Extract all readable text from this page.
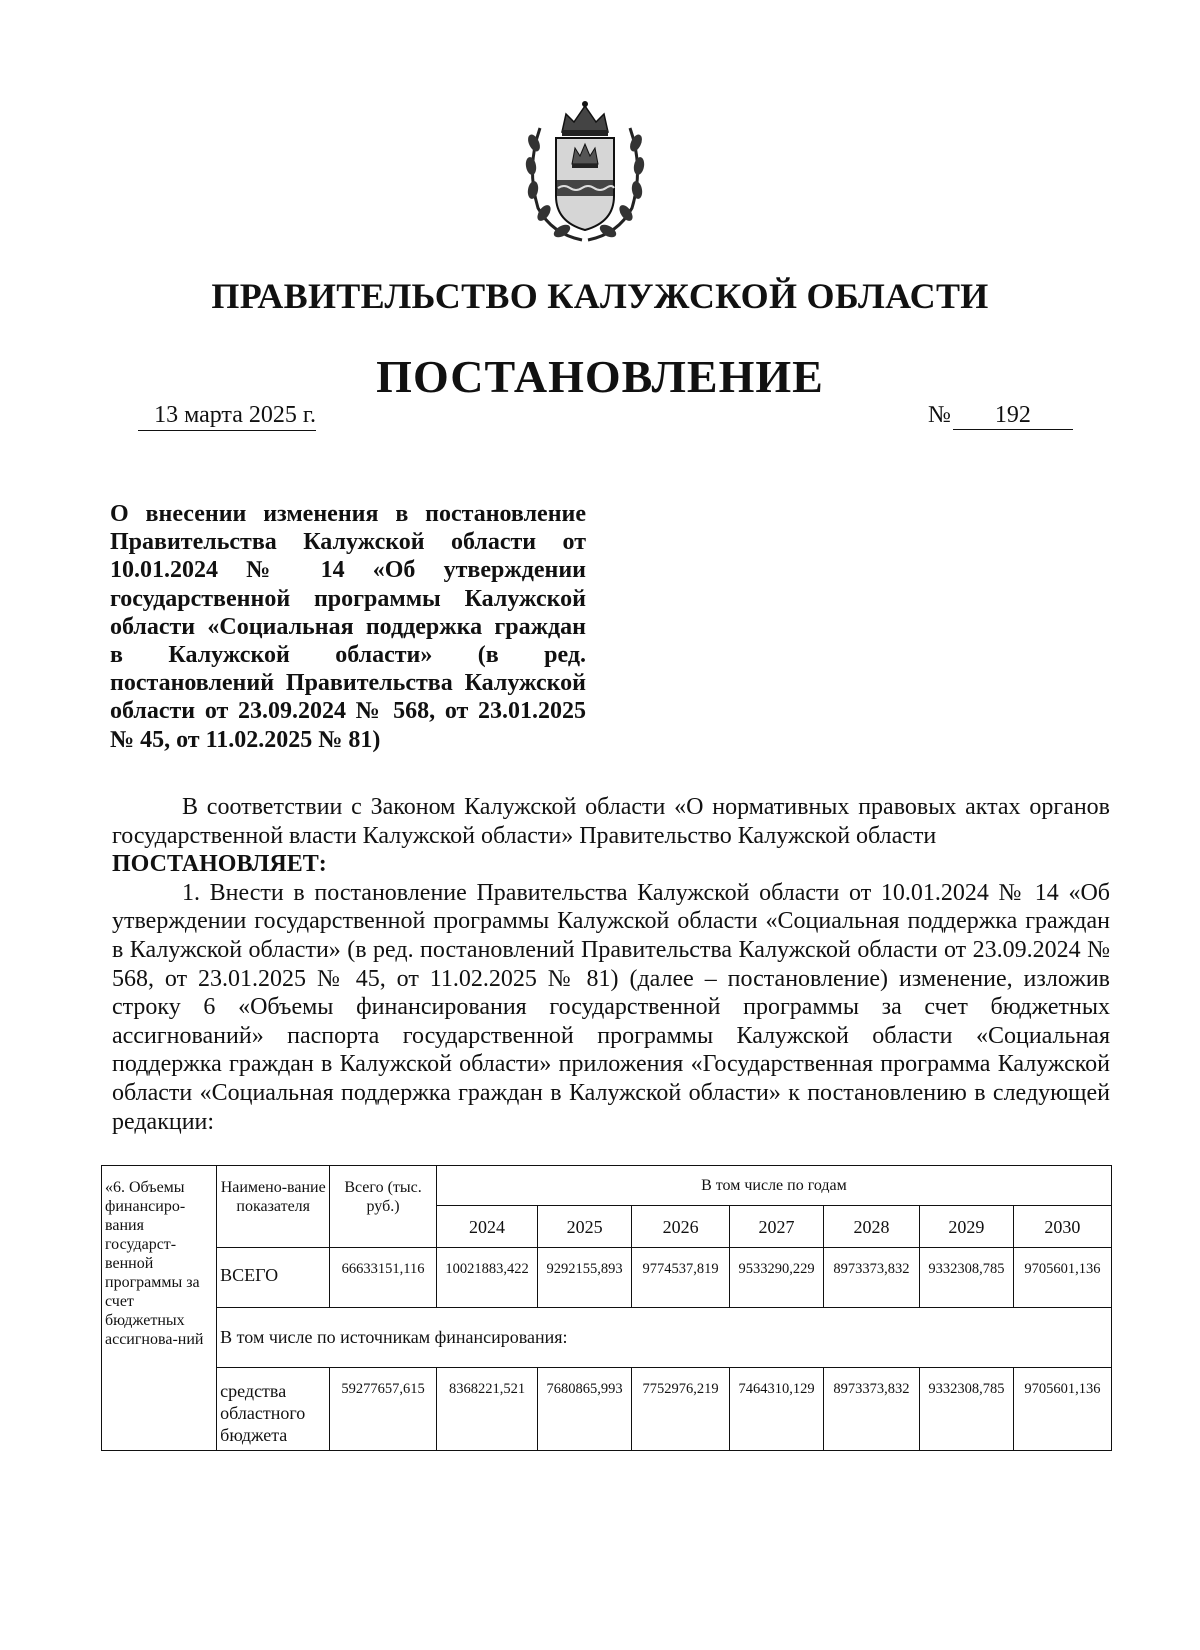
ПРАВИТЕЛЬСТВО КАЛУЖСКОЙ ОБЛАСТИ
ПОСТАНОВЛЕНИЕ
13 марта 2025 г.	№ 192
О внесении изменения в постановление Правительства Калужской области от 10.01.2024 № 14 «Об утверждении государственной программы Калужской области «Социальная поддержка граждан в Калужской области» (в ред. постановлений Правительства Калужской области от 23.09.2024 № 568, от 23.01.2025 № 45, от 11.02.2025 № 81)

В соответствии с Законом Калужской области «О нормативных правовых актах органов государственной власти Калужской области» Правительство Калужской области

ПОСТАНОВЛЯЕТ:

1. Внести в постановление Правительства Калужской области от 10.01.2024 № 14 «Об утверждении государственной программы Калужской области «Социальная поддержка граждан в Калужской области» (в ред. постановлений Правительства Калужской области от 23.09.2024 № 568, от 23.01.2025 № 45, от 11.02.2025 № 81) (далее – постановление) изменение, изложив строку 6 «Объемы финансирования государственной программы за счет бюджетных ассигнований» паспорта государственной программы Калужской области «Социальная поддержка граждан в Калужской области» приложения «Государственная программа Калужской области «Социальная поддержка граждан в Калужской области» к постановлению в следующей редакции:

«6. Объемы финансиро-вания государст-венной программы за счет бюджетных ассигнова-ний	Наимено-вание показателя	Всего (тыс. руб.)	В том числе по годам						
			2024	2025	2026	2027	2028	2029	2030
	ВСЕГО	66633151,116	10021883,422	9292155,893	9774537,819	9533290,229	8973373,832	9332308,785	9705601,136
	В том числе по источникам финансирования:								
	средства областного бюджета	59277657,615	8368221,521	7680865,993	7752976,219	7464310,129	8973373,832	9332308,785	9705601,136
